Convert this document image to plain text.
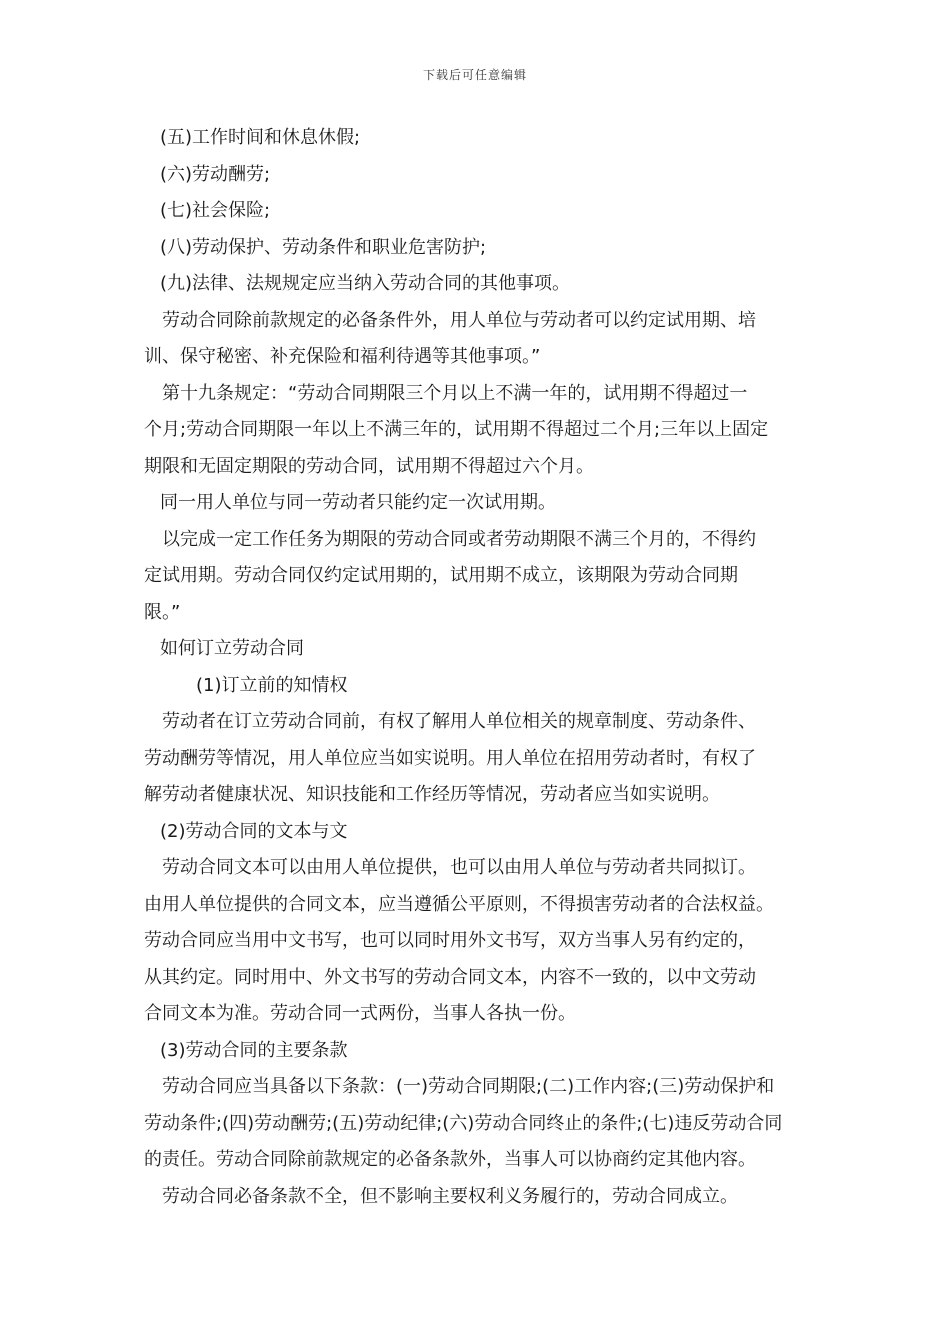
下载后可任意编辑
(五)工作时间和休息休假;
(六)劳动酬劳;
(七)社会保险;
(八)劳动保护、劳动条件和职业危害防护;
(九)法律、法规规定应当纳入劳动合同的其他事项。
劳动合同除前款规定的必备条件外，用人单位与劳动者可以约定试用期、培
训、保守秘密、补充保险和福利待遇等其他事项。”
第十九条规定：“劳动合同期限三个月以上不满一年的，试用期不得超过一
个月;劳动合同期限一年以上不满三年的，试用期不得超过二个月;三年以上固定
期限和无固定期限的劳动合同，试用期不得超过六个月。
同一用人单位与同一劳动者只能约定一次试用期。
以完成一定工作任务为期限的劳动合同或者劳动期限不满三个月的，不得约
定试用期。劳动合同仅约定试用期的，试用期不成立，该期限为劳动合同期
限。”
如何订立劳动合同
(1)订立前的知情权
劳动者在订立劳动合同前，有权了解用人单位相关的规章制度、劳动条件、
劳动酬劳等情况，用人单位应当如实说明。用人单位在招用劳动者时，有权了
解劳动者健康状况、知识技能和工作经历等情况，劳动者应当如实说明。
(2)劳动合同的文本与文
劳动合同文本可以由用人单位提供，也可以由用人单位与劳动者共同拟订。
由用人单位提供的合同文本，应当遵循公平原则，不得损害劳动者的合法权益。
劳动合同应当用中文书写，也可以同时用外文书写，双方当事人另有约定的，
从其约定。同时用中、外文书写的劳动合同文本，内容不一致的，以中文劳动
合同文本为准。劳动合同一式两份，当事人各执一份。
(3)劳动合同的主要条款
劳动合同应当具备以下条款：(一)劳动合同期限;(二)工作内容;(三)劳动保护和
劳动条件;(四)劳动酬劳;(五)劳动纪律;(六)劳动合同终止的条件;(七)违反劳动合同
的责任。劳动合同除前款规定的必备条款外，当事人可以协商约定其他内容。
劳动合同必备条款不全，但不影响主要权利义务履行的，劳动合同成立。
